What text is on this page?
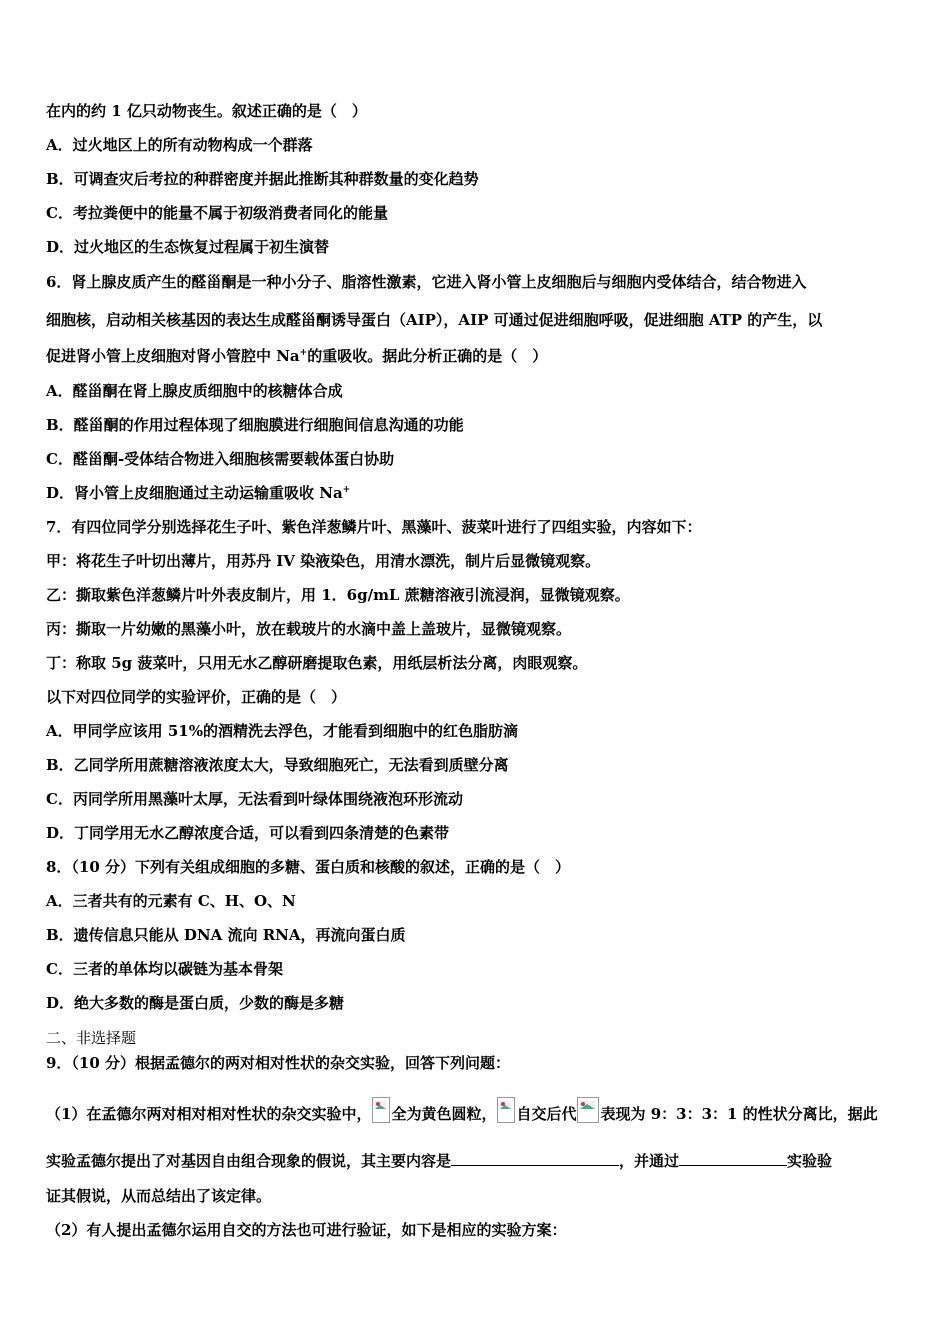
在内的约 1 亿只动物丧生。叙述正确的是（　）
A．过火地区上的所有动物构成一个群落
B．可调查灾后考拉的种群密度并据此推断其种群数量的变化趋势
C．考拉粪便中的能量不属于初级消费者同化的能量
D．过火地区的生态恢复过程属于初生演替
6．肾上腺皮质产生的醛甾酮是一种小分子、脂溶性激素，它进入肾小管上皮细胞后与细胞内受体结合，结合物进入
细胞核，启动相关核基因的表达生成醛甾酮诱导蛋白（AIP），AIP 可通过促进细胞呼吸，促进细胞 ATP 的产生，以
促进肾小管上皮细胞对肾小管腔中 Na+的重吸收。据此分析正确的是（　）
A．醛甾酮在肾上腺皮质细胞中的核糖体合成
B．醛甾酮的作用过程体现了细胞膜进行细胞间信息沟通的功能
C．醛甾酮-受体结合物进入细胞核需要载体蛋白协助
D．肾小管上皮细胞通过主动运输重吸收 Na+
7．有四位同学分别选择花生子叶、紫色洋葱鳞片叶、黑藻叶、菠菜叶进行了四组实验，内容如下：
甲：将花生子叶切出薄片，用苏丹 IV 染液染色，用清水漂洗，制片后显微镜观察。
乙：撕取紫色洋葱鳞片叶外表皮制片，用 1．6g/mL 蔗糖溶液引流浸润，显微镜观察。
丙：撕取一片幼嫩的黑藻小叶，放在载玻片的水滴中盖上盖玻片，显微镜观察。
丁：称取 5g 菠菜叶，只用无水乙醇研磨提取色素，用纸层析法分离，肉眼观察。
以下对四位同学的实验评价，正确的是（　）
A．甲同学应该用 51%的酒精洗去浮色，才能看到细胞中的红色脂肪滴
B．乙同学所用蔗糖溶液浓度太大，导致细胞死亡，无法看到质壁分离
C．丙同学所用黑藻叶太厚，无法看到叶绿体围绕液泡环形流动
D．丁同学用无水乙醇浓度合适，可以看到四条清楚的色素带
8．（10 分）下列有关组成细胞的多糖、蛋白质和核酸的叙述，正确的是（　）
A．三者共有的元素有 C、H、O、N
B．遗传信息只能从 DNA 流向 RNA，再流向蛋白质
C．三者的单体均以碳链为基本骨架
D．绝大多数的酶是蛋白质，少数的酶是多糖
二、非选择题
9．（10 分）根据孟德尔的两对相对性状的杂交实验，回答下列问题：
（1）在孟德尔两对相对相对性状的杂交实验中， 全为黄色圆粒， 自交后代 表现为 9：3：3：1 的性状分离比，据此
实验孟德尔提出了对基因自由组合现象的假说，其主要内容是	，并通过	实验验
证其假说，从而总结出了该定律。
（2）有人提出孟德尔运用自交的方法也可进行验证，如下是相应的实验方案：
